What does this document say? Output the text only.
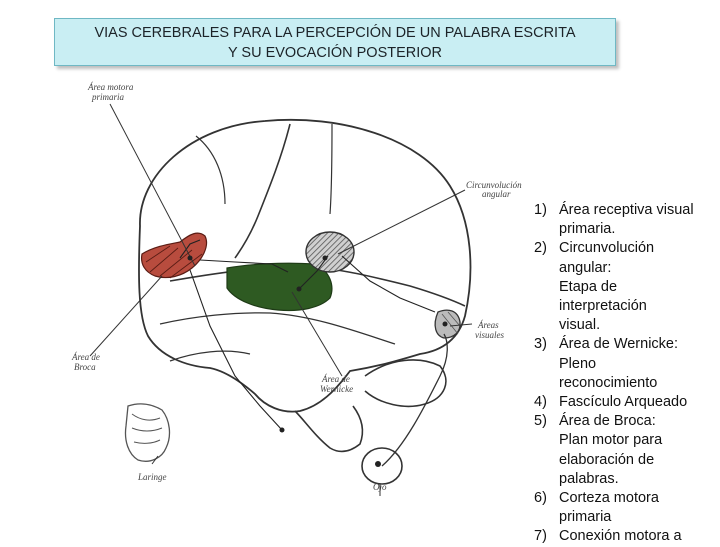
VIAS CEREBRALES PARA LA PERCEPCIÓN DE UN PALABRA ESCRITA
Y SU EVOCACIÓN POSTERIOR
Área motora primaria
Circunvolución angular
Áreas visuales
Área de Broca
Área de Wernicke
Laringe
Ojo
1) Área receptiva visual
primaria.
2) Circunvolución
angular:
Etapa de
interpretación
visual.
3) Área de Wernicke:
Pleno
reconocimiento
4) Fascículo Arqueado
5) Área de Broca:
Plan motor para
elaboración de
palabras.
6) Corteza motora
primaria
7) Conexión motora a
